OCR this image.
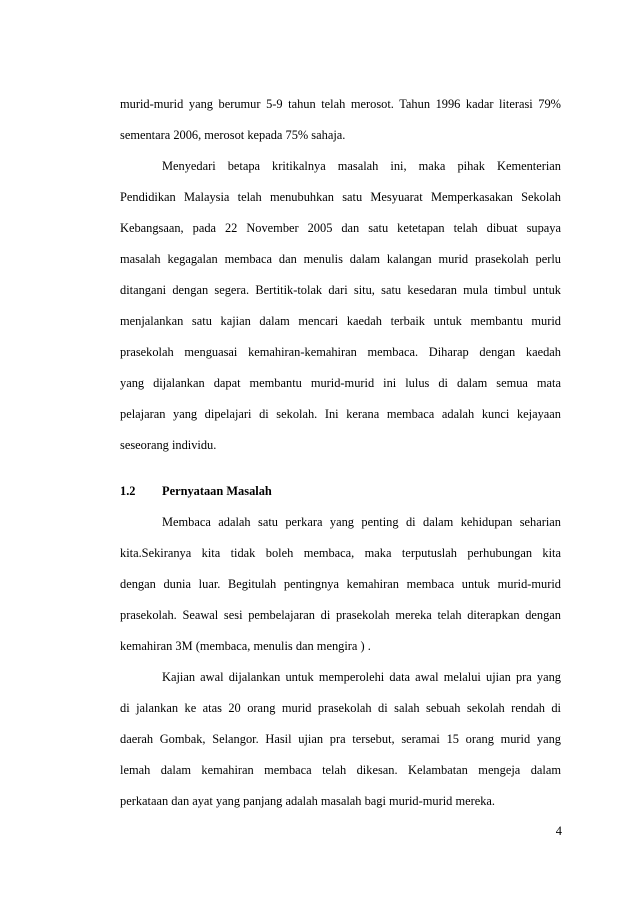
murid-murid yang berumur 5-9 tahun telah merosot. Tahun 1996 kadar literasi 79%
sementara 2006, merosot kepada 75% sahaja.
Menyedari betapa kritikalnya masalah ini, maka pihak Kementerian
Pendidikan Malaysia telah menubuhkan satu Mesyuarat Memperkasakan Sekolah
Kebangsaan, pada 22 November 2005 dan satu ketetapan telah dibuat supaya
masalah kegagalan membaca dan menulis dalam kalangan murid prasekolah perlu
ditangani dengan segera. Bertitik-tolak dari situ, satu kesedaran mula timbul untuk
menjalankan satu kajian dalam mencari kaedah terbaik untuk membantu murid
prasekolah menguasai kemahiran-kemahiran membaca. Diharap dengan kaedah
yang dijalankan dapat membantu murid-murid ini lulus di dalam semua mata
pelajaran yang dipelajari di sekolah. Ini kerana membaca adalah kunci kejayaan
seseorang individu.
1.2 Pernyataan Masalah
Membaca adalah satu perkara yang penting di dalam kehidupan seharian
kita.Sekiranya kita tidak boleh membaca, maka terputuslah perhubungan kita
dengan dunia luar. Begitulah pentingnya kemahiran membaca untuk murid-murid
prasekolah. Seawal sesi pembelajaran di prasekolah mereka telah diterapkan dengan
kemahiran 3M (membaca, menulis dan mengira ) .
Kajian awal dijalankan untuk memperolehi data awal melalui ujian pra yang
di jalankan ke atas 20 orang murid prasekolah di salah sebuah sekolah rendah di
daerah Gombak, Selangor. Hasil ujian pra tersebut, seramai 15 orang murid yang
lemah dalam kemahiran membaca telah dikesan. Kelambatan mengeja dalam
perkataan dan ayat yang panjang adalah masalah bagi murid-murid mereka.
4
